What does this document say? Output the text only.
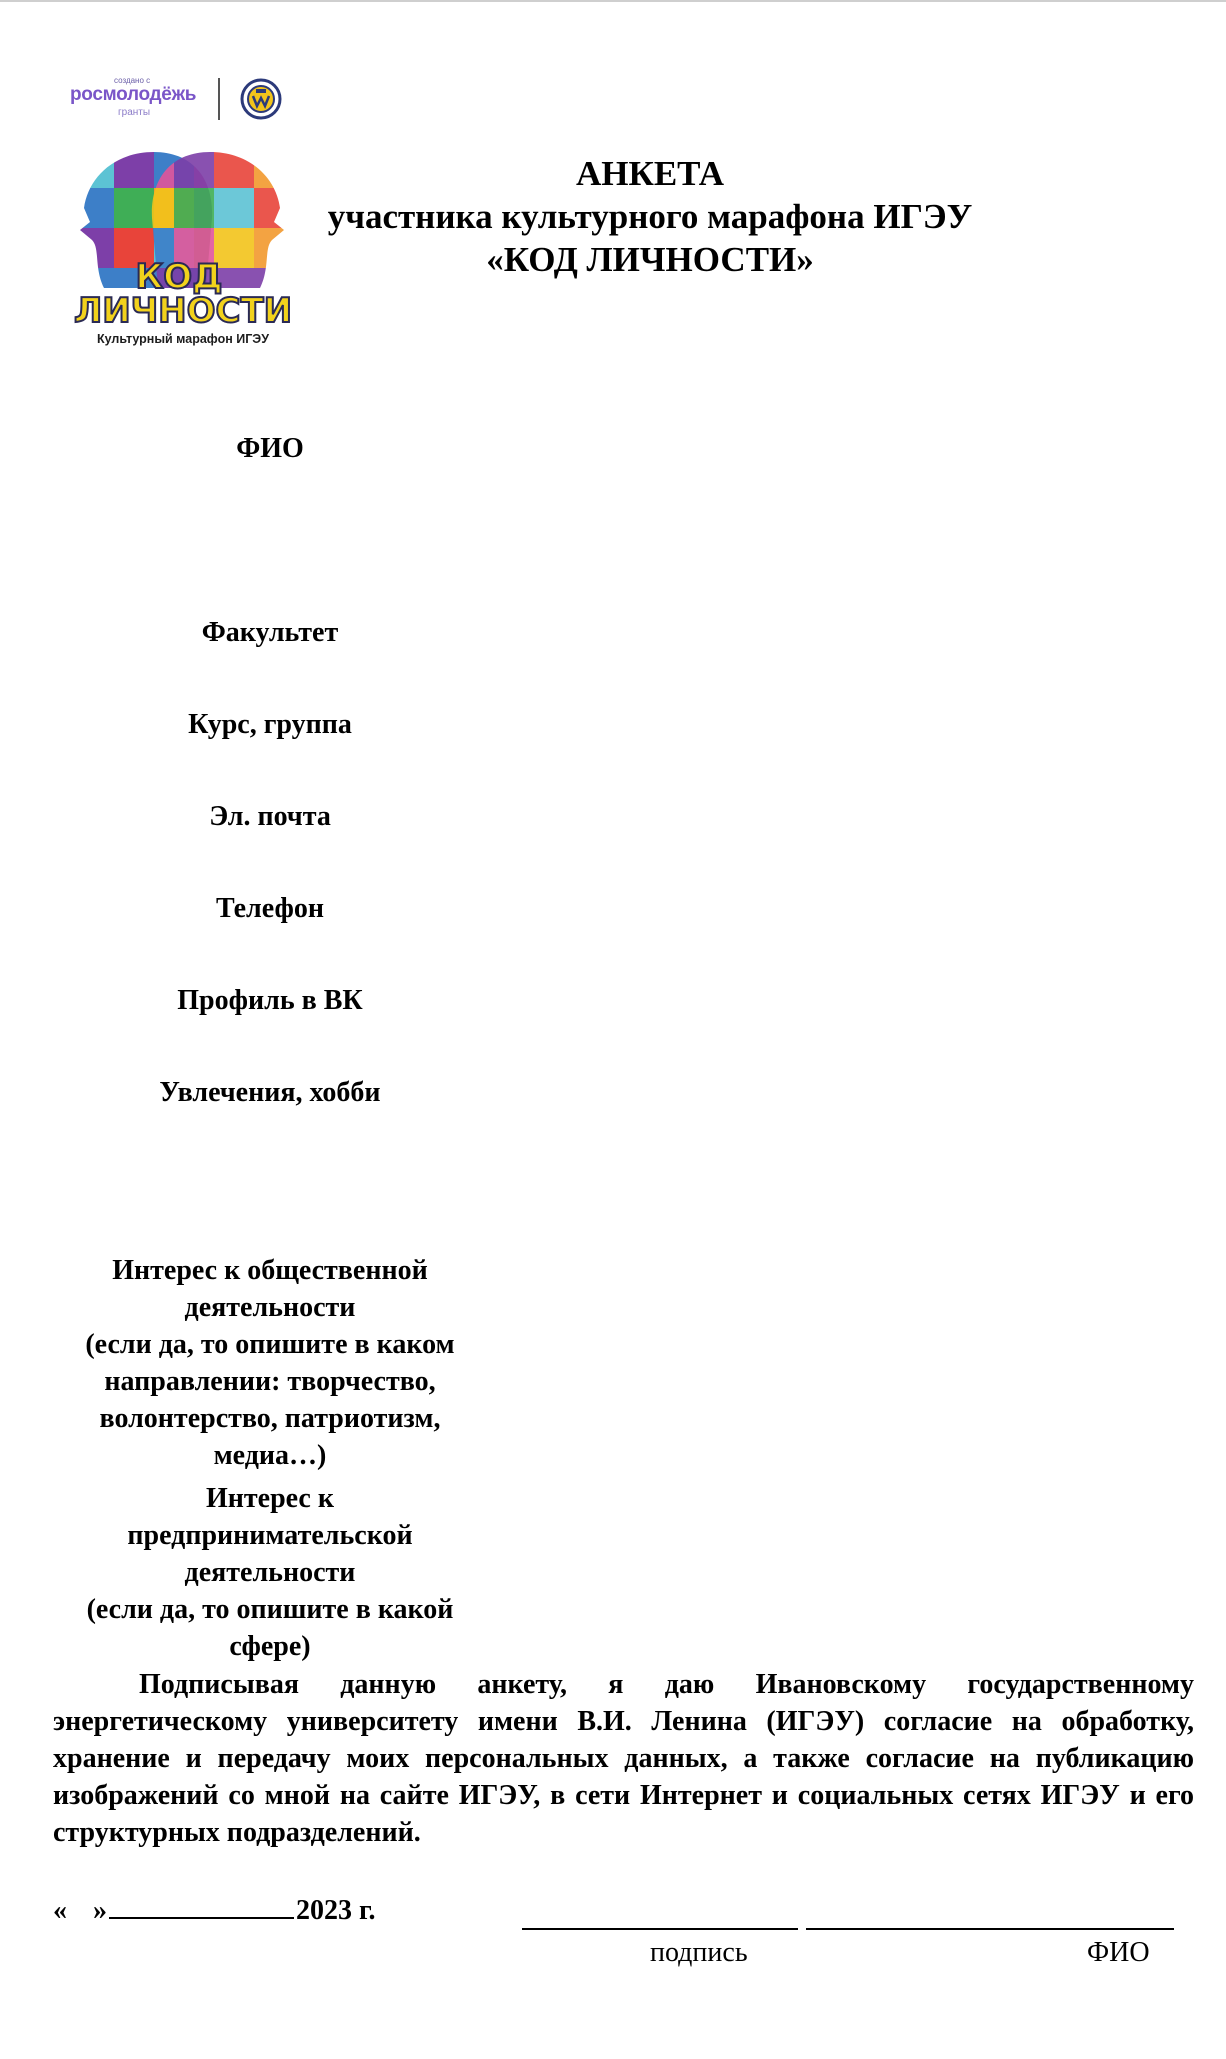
создано с
росмолодёжь
гранты
КОД
ЛИЧНОСТИ
Культурный марафон ИГЭУ
АНКЕТА
участника культурного марафона ИГЭУ
«КОД ЛИЧНОСТИ»
ФИО
Факультет
Курс, группа
Эл. почта
Телефон
Профиль в ВК
Увлечения, хобби
Интерес к общественной
деятельности
(если да, то опишите в каком
направлении: творчество,
волонтерство, патриотизм,
медиа…)
Интерес к
предпринимательской
деятельности
(если да, то опишите в какой
сфере)
Подписывая данную анкету, я даю Ивановскому государственному энергетическому университету имени В.И. Ленина (ИГЭУ) согласие на обработку, хранение и передачу моих персональных данных, а также согласие на публикацию изображений со мной на сайте ИГЭУ, в сети Интернет и социальных сетях ИГЭУ и его структурных подразделений.
« »	2023 г.
подпись	ФИО
